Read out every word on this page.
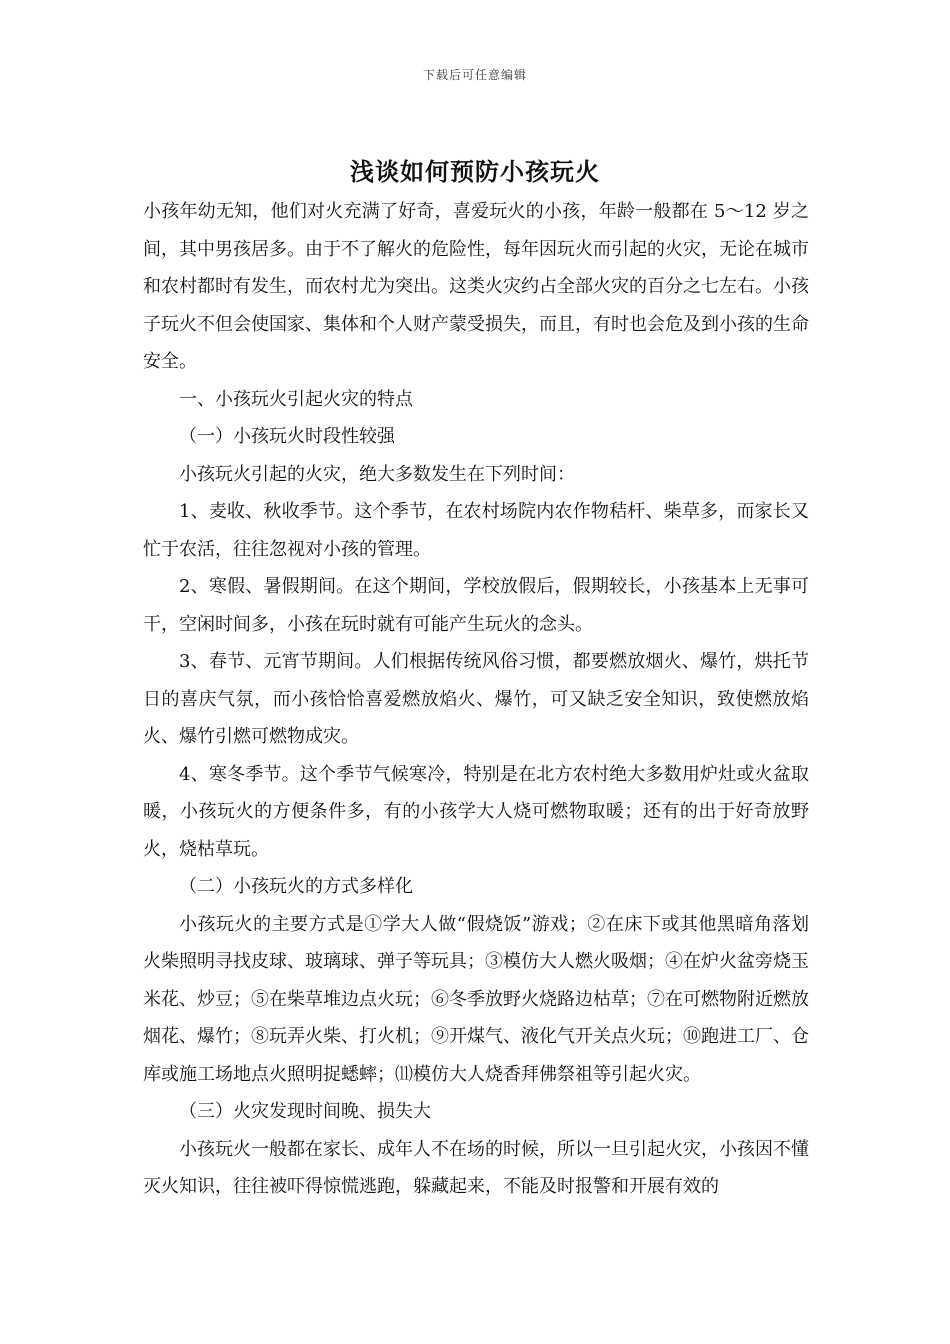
下载后可任意编辑
浅谈如何预防小孩玩火

小孩年幼无知，他们对火充满了好奇，喜爱玩火的小孩，年龄一般都在 5～12 岁之间，其中男孩居多。由于不了解火的危险性，每年因玩火而引起的火灾，无论在城市和农村都时有发生，而农村尤为突出。这类火灾约占全部火灾的百分之七左右。小孩子玩火不但会使国家、集体和个人财产蒙受损失，而且，有时也会危及到小孩的生命安全。

一、小孩玩火引起火灾的特点

（一）小孩玩火时段性较强

小孩玩火引起的火灾，绝大多数发生在下列时间：

1、麦收、秋收季节。这个季节，在农村场院内农作物秸杆、柴草多，而家长又忙于农活，往往忽视对小孩的管理。

2、寒假、暑假期间。在这个期间，学校放假后，假期较长，小孩基本上无事可干，空闲时间多，小孩在玩时就有可能产生玩火的念头。

3、春节、元宵节期间。人们根据传统风俗习惯，都要燃放烟火、爆竹，烘托节日的喜庆气氛，而小孩恰恰喜爱燃放焰火、爆竹，可又缺乏安全知识，致使燃放焰火、爆竹引燃可燃物成灾。

4、寒冬季节。这个季节气候寒冷，特别是在北方农村绝大多数用炉灶或火盆取暖，小孩玩火的方便条件多，有的小孩学大人烧可燃物取暖；还有的出于好奇放野火，烧枯草玩。

（二）小孩玩火的方式多样化

小孩玩火的主要方式是①学大人做“假烧饭”游戏；②在床下或其他黑暗角落划火柴照明寻找皮球、玻璃球、弹子等玩具；③模仿大人燃火吸烟；④在炉火盆旁烧玉米花、炒豆；⑤在柴草堆边点火玩；⑥冬季放野火烧路边枯草；⑦在可燃物附近燃放烟花、爆竹；⑧玩弄火柴、打火机；⑨开煤气、液化气开关点火玩；⑩跑进工厂、仓库或施工场地点火照明捉蟋蟀；⑾模仿大人烧香拜佛祭祖等引起火灾。

（三）火灾发现时间晚、损失大

小孩玩火一般都在家长、成年人不在场的时候，所以一旦引起火灾，小孩因不懂灭火知识，往往被吓得惊慌逃跑，躲藏起来，不能及时报警和开展有效的
